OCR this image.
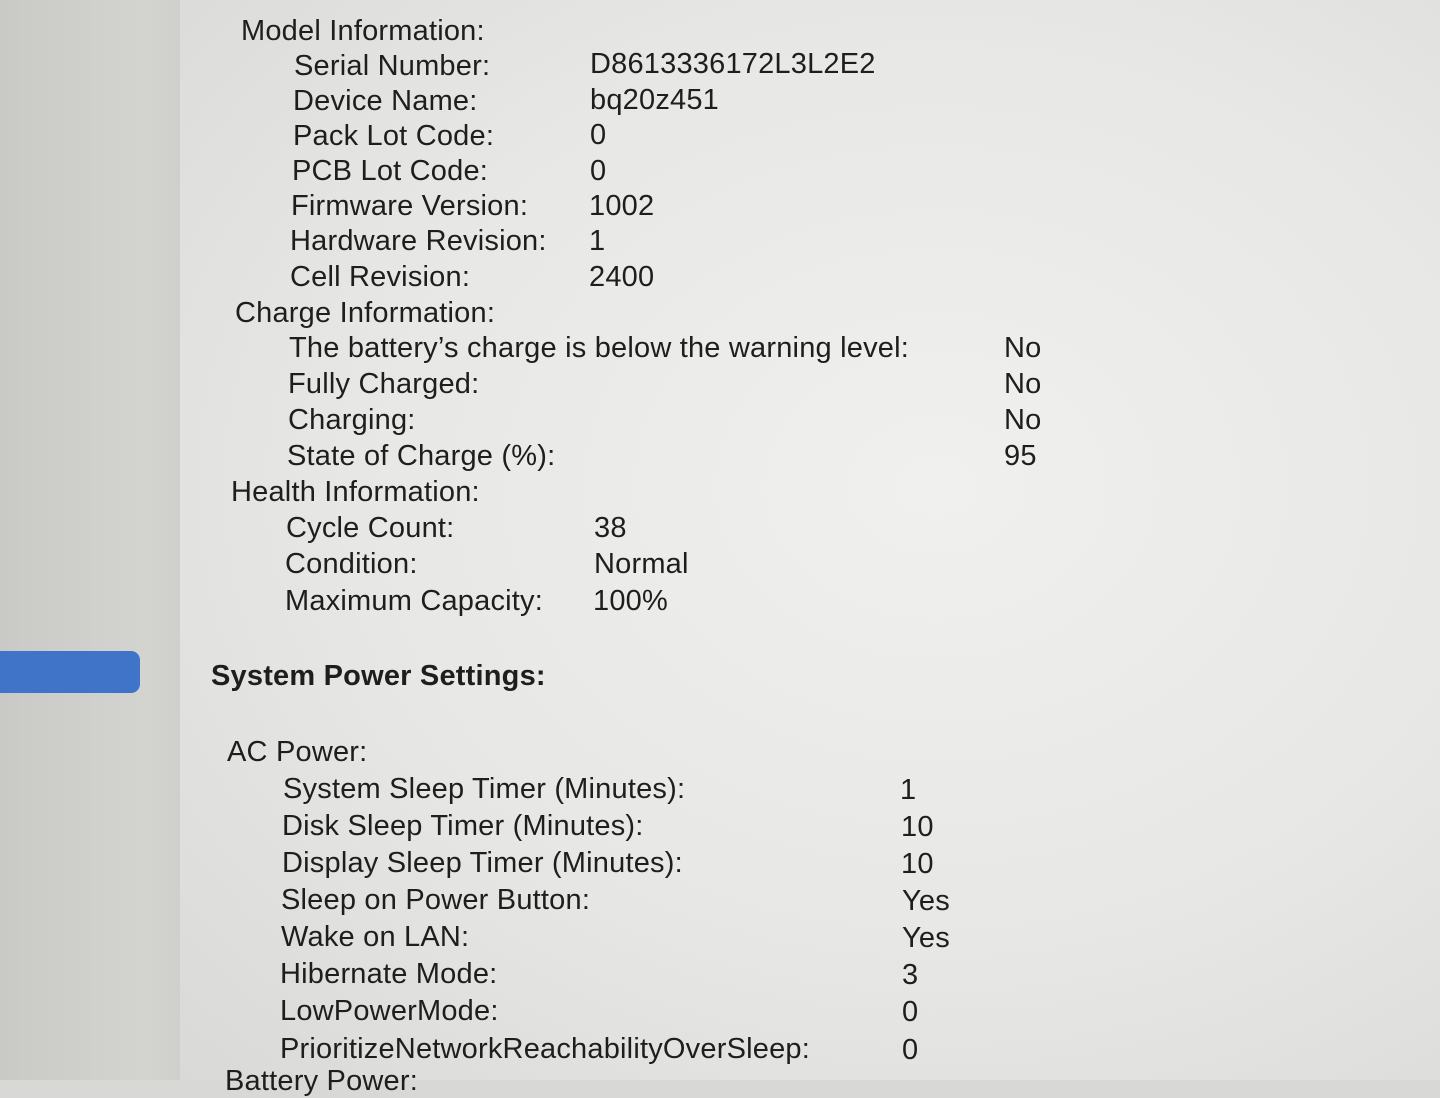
Model Information:
Serial Number:	D8613336172L3L2E2
Device Name:	bq20z451
Pack Lot Code:	0
PCB Lot Code:	0
Firmware Version: 1002
Hardware Revision: 1
Cell Revision:	2400
Charge Information:
The battery’s charge is below the warning level:	No
Fully Charged:	No
Charging:	No
State of Charge (%):	95
Health Information:
Cycle Count:	38
Condition:	Normal
Maximum Capacity: 100%
System Power Settings:
AC Power:
System Sleep Timer (Minutes):	1
Disk Sleep Timer (Minutes):	10
Display Sleep Timer (Minutes):	10
Sleep on Power Button:	Yes
Wake on LAN:	Yes
Hibernate Mode:	3
LowPowerMode:	0
PrioritizeNetworkReachabilityOverSleep:	0
Battery Power:
